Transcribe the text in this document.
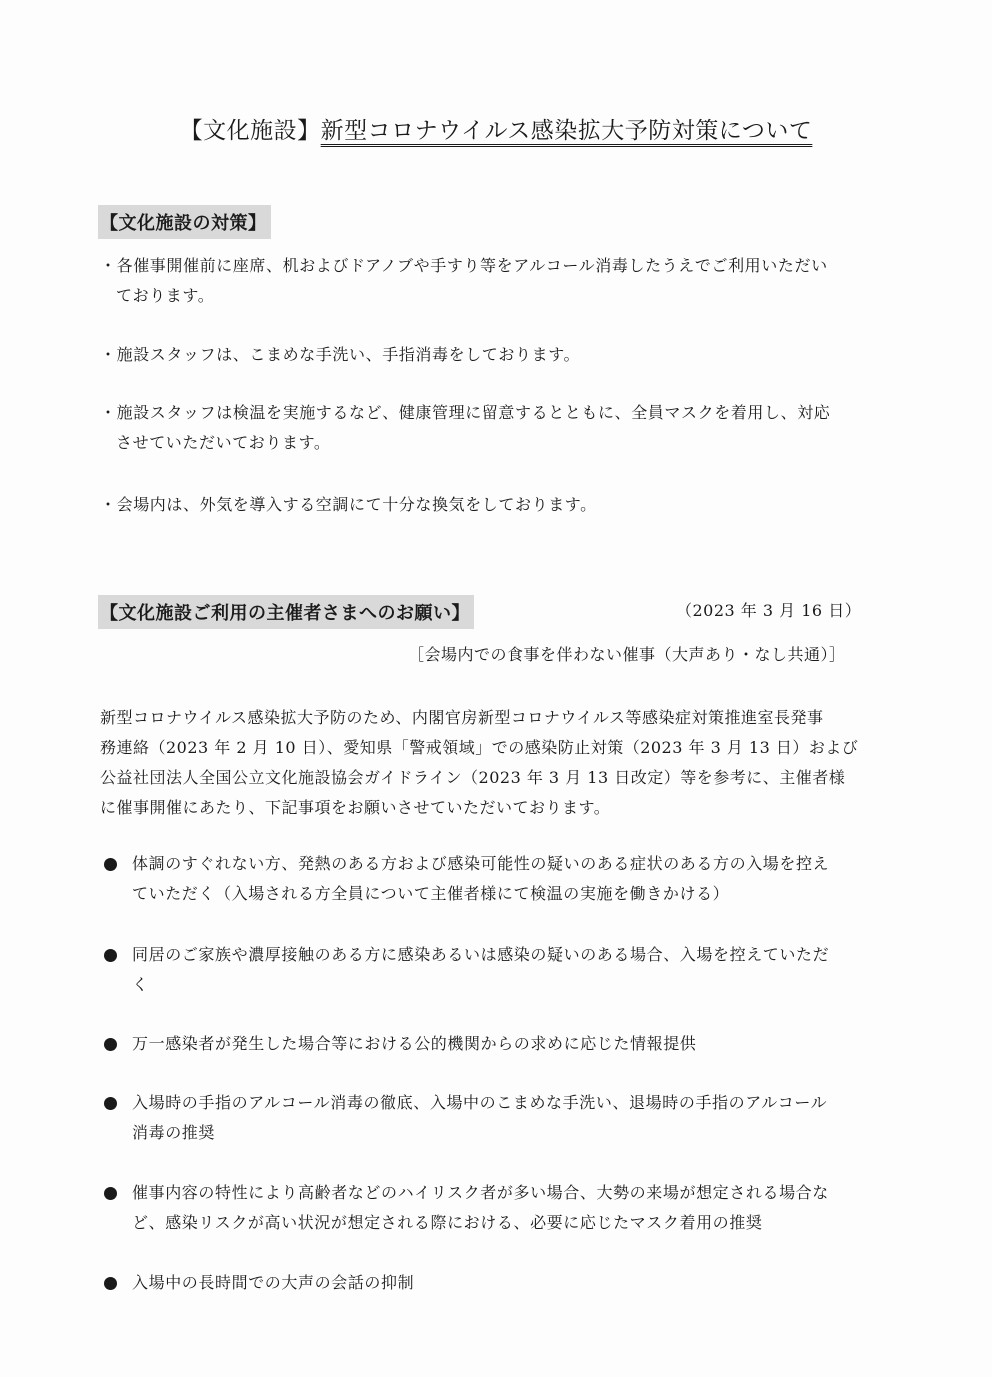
【文化施設】新型コロナウイルス感染拡大予防対策について
【文化施設の対策】
・各催事開催前に座席、机およびドアノブや手すり等をアルコール消毒したうえでご利用いただい
ております。
・施設スタッフは、こまめな手洗い、手指消毒をしております。
・施設スタッフは検温を実施するなど、健康管理に留意するとともに、全員マスクを着用し、対応
させていただいております。
・会場内は、外気を導入する空調にて十分な換気をしております。
【文化施設ご利用の主催者さまへのお願い】	（2023 年 3 月 16 日）
［会場内での食事を伴わない催事（大声あり・なし共通）］
新型コロナウイルス感染拡大予防のため、内閣官房新型コロナウイルス等感染症対策推進室長発事
務連絡（2023 年 2 月 10 日）、愛知県「警戒領域」での感染防止対策（2023 年 3 月 13 日）および
公益社団法人全国公立文化施設協会ガイドライン（2023 年 3 月 13 日改定）等を参考に、主催者様
に催事開催にあたり、下記事項をお願いさせていただいております。
体調のすぐれない方、発熱のある方および感染可能性の疑いのある症状のある方の入場を控え
ていただく（入場される方全員について主催者様にて検温の実施を働きかける）
同居のご家族や濃厚接触のある方に感染あるいは感染の疑いのある場合、入場を控えていただ
く
万一感染者が発生した場合等における公的機関からの求めに応じた情報提供
入場時の手指のアルコール消毒の徹底、入場中のこまめな手洗い、退場時の手指のアルコール
消毒の推奨
催事内容の特性により高齢者などのハイリスク者が多い場合、大勢の来場が想定される場合な
ど、感染リスクが高い状況が想定される際における、必要に応じたマスク着用の推奨
入場中の長時間での大声の会話の抑制
